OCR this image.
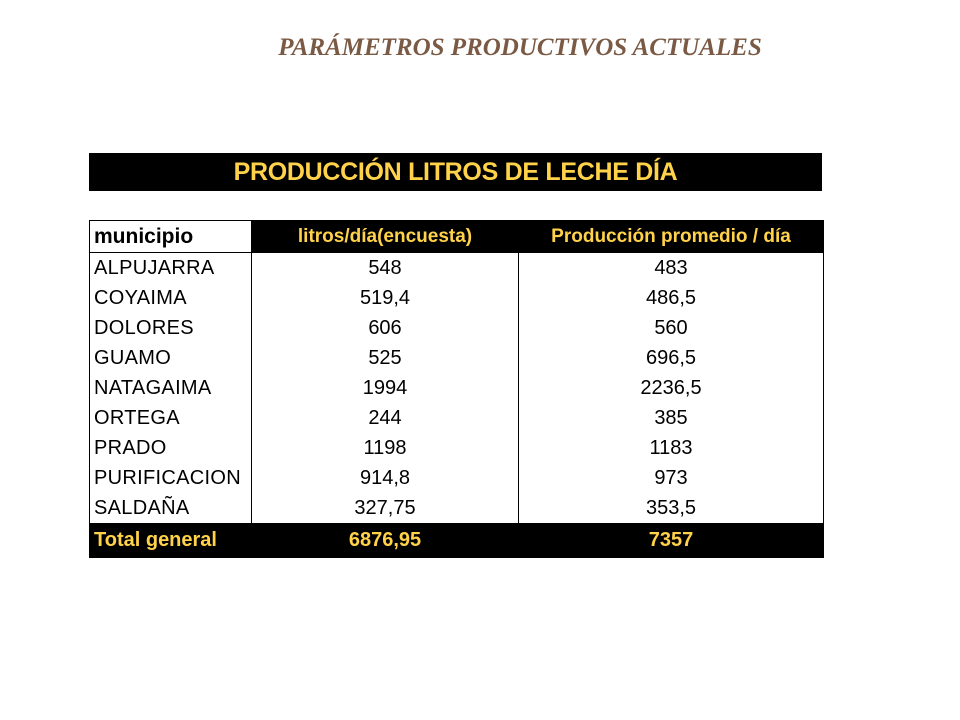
PARÁMETROS PRODUCTIVOS ACTUALES
PRODUCCIÓN LITROS DE LECHE DÍA
municipio	litros/día(encuesta)	Producción promedio / día
ALPUJARRA	548	483
COYAIMA	519,4	486,5
DOLORES	606	560
GUAMO	525	696,5
NATAGAIMA	1994	2236,5
ORTEGA	244	385
PRADO	1198	1183
PURIFICACION	914,8	973
SALDAÑA	327,75	353,5
Total general	6876,95	7357
